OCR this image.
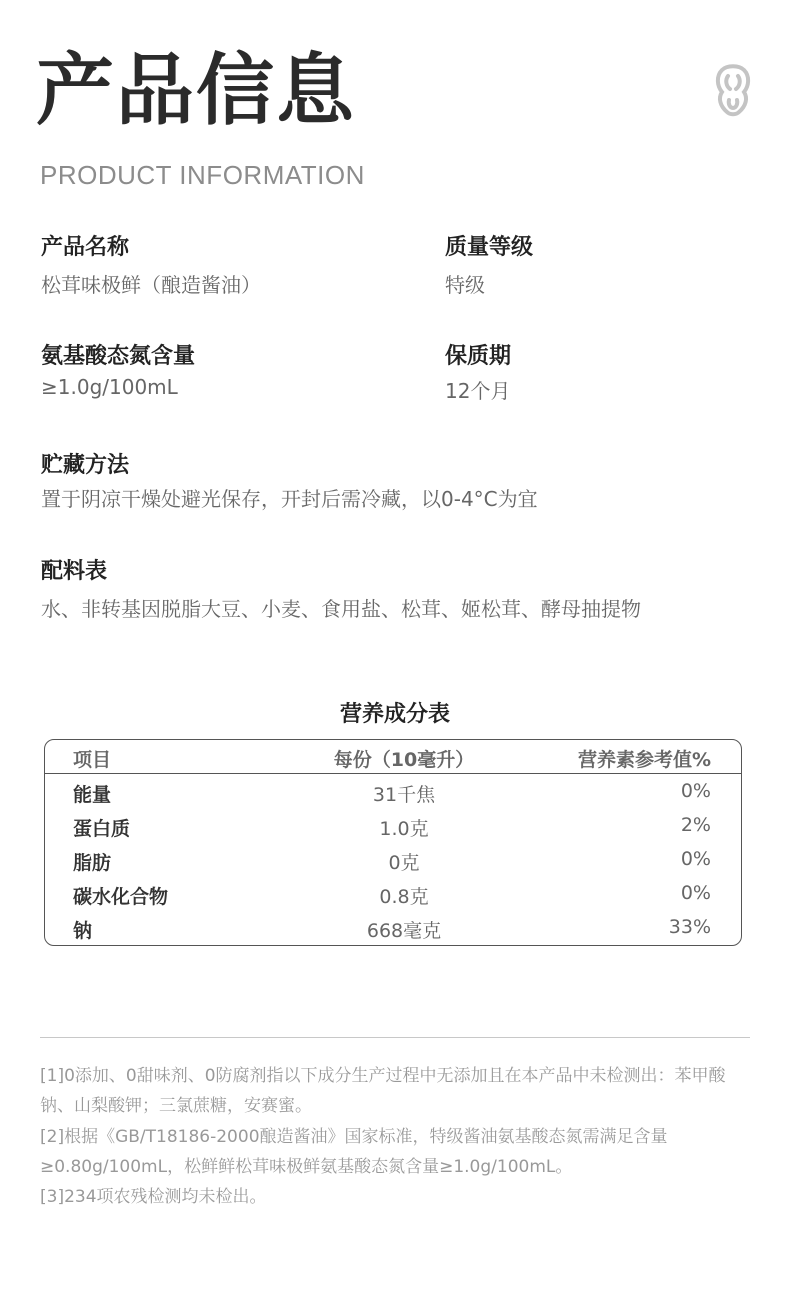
产品信息
PRODUCT INFORMATION
产品名称
松茸味极鲜（酿造酱油）
质量等级
特级
氨基酸态氮含量
≥1.0g/100mL
保质期
12个月
贮藏方法
置于阴凉干燥处避光保存，开封后需冷藏，以0-4°C为宜
配料表
水、非转基因脱脂大豆、小麦、食用盐、松茸、姬松茸、酵母抽提物
营养成分表
项目	每份（10毫升）	营养素参考值%
能量	31千焦	0%
蛋白质	1.0克	2%
脂肪	0克	0%
碳水化合物	0.8克	0%
钠	668毫克	33%
[1]0添加、0甜味剂、0防腐剂指以下成分生产过程中无添加且在本产品中未检测出：苯甲酸钠、山梨酸钾；三氯蔗糖，安赛蜜。
[2]根据《GB/T18186-2000酿造酱油》国家标准，特级酱油氨基酸态氮需满足含量≥0.80g/100mL，松鲜鲜松茸味极鲜氨基酸态氮含量≥1.0g/100mL。
[3]234项农残检测均未检出。
